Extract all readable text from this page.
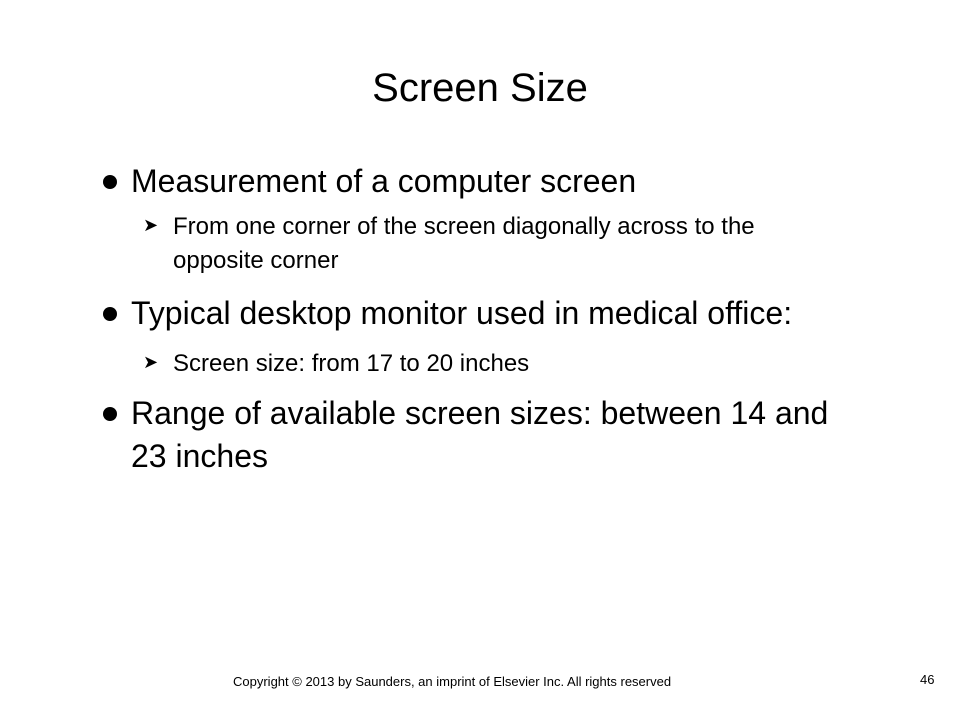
Screen Size
Measurement of a computer screen
➤ From one corner of the screen diagonally across to the opposite corner
Typical desktop monitor used in medical office:
➤ Screen size: from 17 to 20 inches
Range of available screen sizes: between 14 and 23 inches
Copyright © 2013 by Saunders, an imprint of Elsevier Inc. All rights reserved	46
